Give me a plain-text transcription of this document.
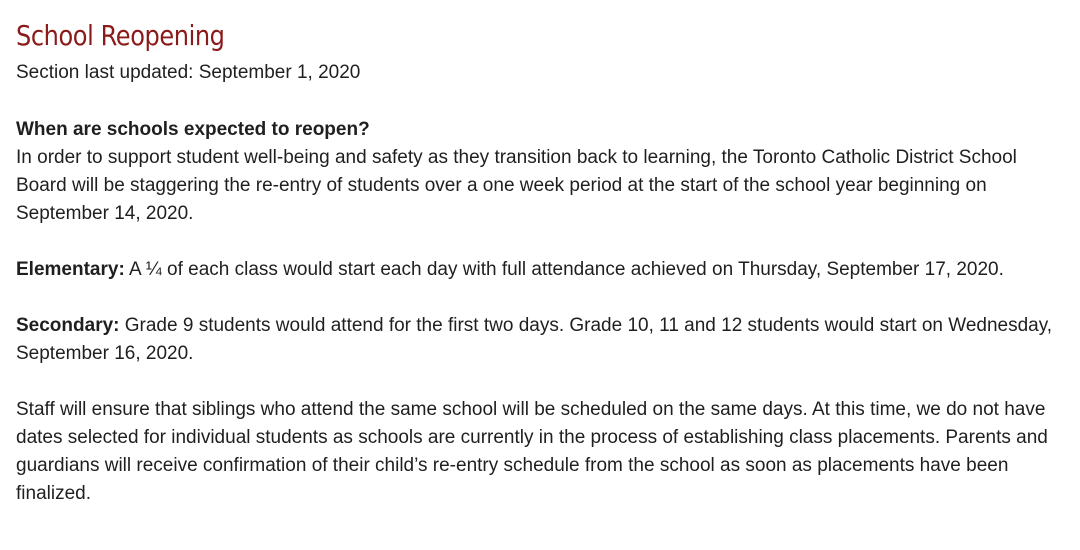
School Reopening

Section last updated: September 1, 2020

When are schools expected to reopen?

In order to support student well-being and safety as they transition back to learning, the Toronto Catholic District School Board will be staggering the re-entry of students over a one week period at the start of the school year beginning on September 14, 2020.

Elementary: A ¼ of each class would start each day with full attendance achieved on Thursday, September 17, 2020.

Secondary: Grade 9 students would attend for the first two days. Grade 10, 11 and 12 students would start on Wednesday, September 16, 2020.

Staff will ensure that siblings who attend the same school will be scheduled on the same days. At this time, we do not have dates selected for individual students as schools are currently in the process of establishing class placements. Parents and guardians will receive confirmation of their child’s re-entry schedule from the school as soon as placements have been finalized.
